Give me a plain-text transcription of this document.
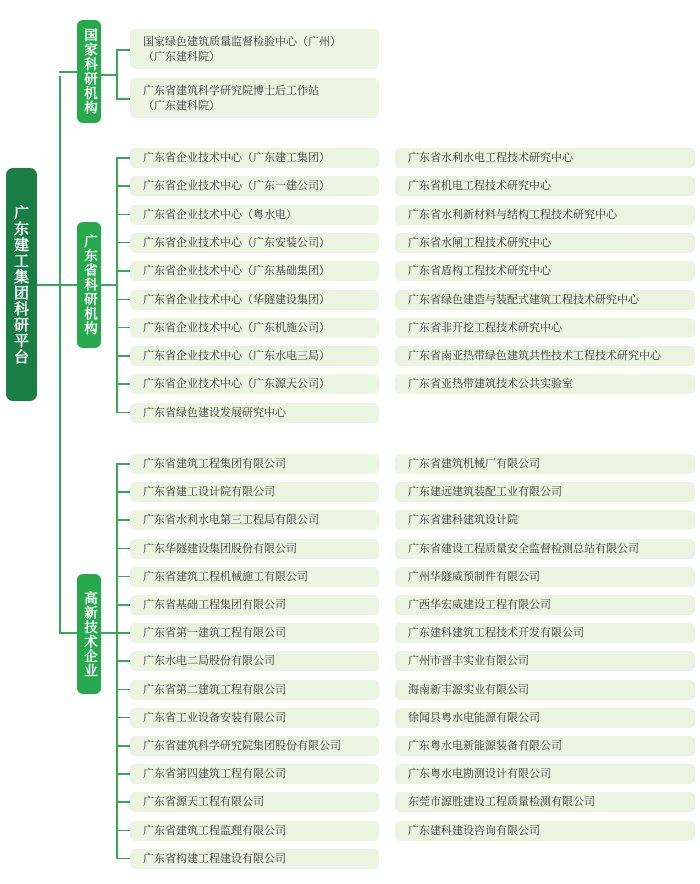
广东建工集团科研平台
国家科研机构	国家绿色建筑质量监督检验中心（广州）
（广东建科院）
广东省建筑科学研究院博士后工作站
（广东建科院）
广东省科研机构
广东省企业技术中心（广东建工集团）
广东省企业技术中心（广东一建公司）
广东省企业技术中心（粤水电）
广东省企业技术中心（广东安装公司）
广东省企业技术中心（广东基础集团）
广东省企业技术中心（华隧建设集团）
广东省企业技术中心（广东机施公司）
广东省企业技术中心（广东水电三局）
广东省企业技术中心（广东源天公司）
广东省绿色建设发展研究中心
广东省水利水电工程技术研究中心
广东省机电工程技术研究中心
广东省水利新材料与结构工程技术研究中心
广东省水闸工程技术研究中心
广东省盾构工程技术研究中心
广东省绿色建造与装配式建筑工程技术研究中心
广东省非开挖工程技术研究中心
广东省南亚热带绿色建筑共性技术工程技术研究中心
广东省亚热带建筑技术公共实验室
高新技术企业
广东省建筑工程集团有限公司
广东省建工设计院有限公司
广东省水利水电第三工程局有限公司
广东华隧建设集团股份有限公司
广东省建筑工程机械施工有限公司
广东省基础工程集团有限公司
广东省第一建筑工程有限公司
广东水电二局股份有限公司
广东省第二建筑工程有限公司
广东省工业设备安装有限公司
广东省建筑科学研究院集团股份有限公司
广东省第四建筑工程有限公司
广东省源天工程有限公司
广东省建筑工程监理有限公司
广东省构建工程建设有限公司
广东省建筑机械厂有限公司
广东建远建筑装配工业有限公司
广东省建科建筑设计院
广东省建设工程质量安全监督检测总站有限公司
广州华隧威预制件有限公司
广西华宏威建设工程有限公司
广东建科建筑工程技术开发有限公司
广州市晋丰实业有限公司
海南新丰源实业有限公司
徐闻县粤水电能源有限公司
广东粤水电新能源装备有限公司
广东粤水电勘测设计有限公司
东莞市源胜建设工程质量检测有限公司
广东建科建设咨询有限公司
